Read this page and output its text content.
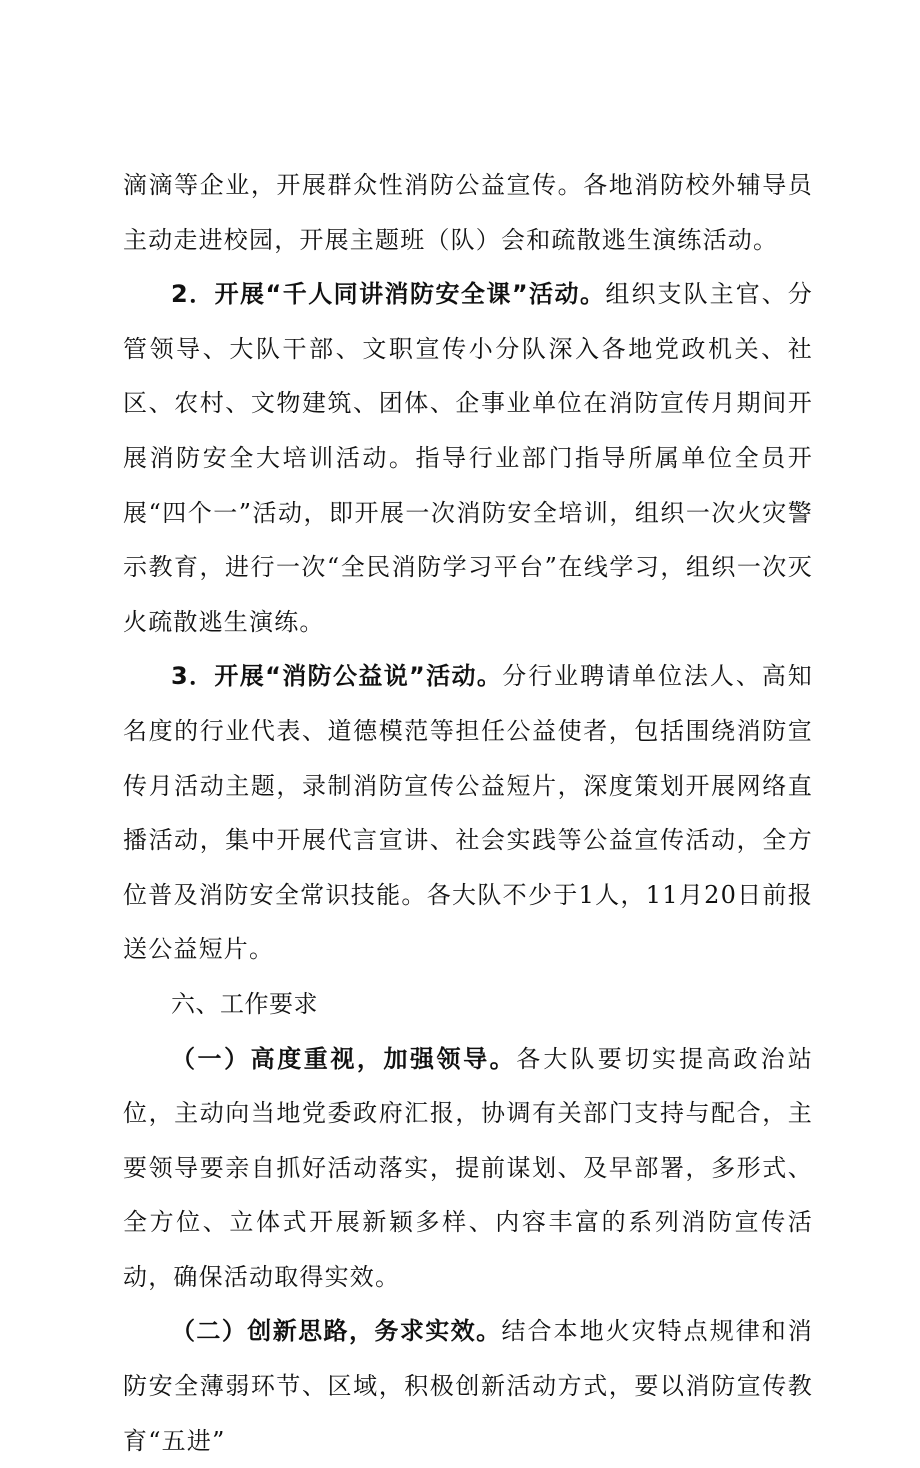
滴滴等企业，开展群众性消防公益宣传。各地消防校外辅导员主动走进校园，开展主题班（队）会和疏散逃生演练活动。

2．开展“千人同讲消防安全课”活动。组织支队主官、分管领导、大队干部、文职宣传小分队深入各地党政机关、社区、农村、文物建筑、团体、企事业单位在消防宣传月期间开展消防安全大培训活动。指导行业部门指导所属单位全员开展“四个一”活动，即开展一次消防安全培训，组织一次火灾警示教育，进行一次“全民消防学习平台”在线学习，组织一次灭火疏散逃生演练。

3．开展“消防公益说”活动。分行业聘请单位法人、高知名度的行业代表、道德模范等担任公益使者，包括围绕消防宣传月活动主题，录制消防宣传公益短片，深度策划开展网络直播活动，集中开展代言宣讲、社会实践等公益宣传活动，全方位普及消防安全常识技能。各大队不少于1人，11月20日前报送公益短片。

六、工作要求

（一）高度重视，加强领导。各大队要切实提高政治站位，主动向当地党委政府汇报，协调有关部门支持与配合，主要领导要亲自抓好活动落实，提前谋划、及早部署，多形式、全方位、立体式开展新颖多样、内容丰富的系列消防宣传活动，确保活动取得实效。

（二）创新思路，务求实效。结合本地火灾特点规律和消防安全薄弱环节、区域，积极创新活动方式，要以消防宣传教育“五进”
